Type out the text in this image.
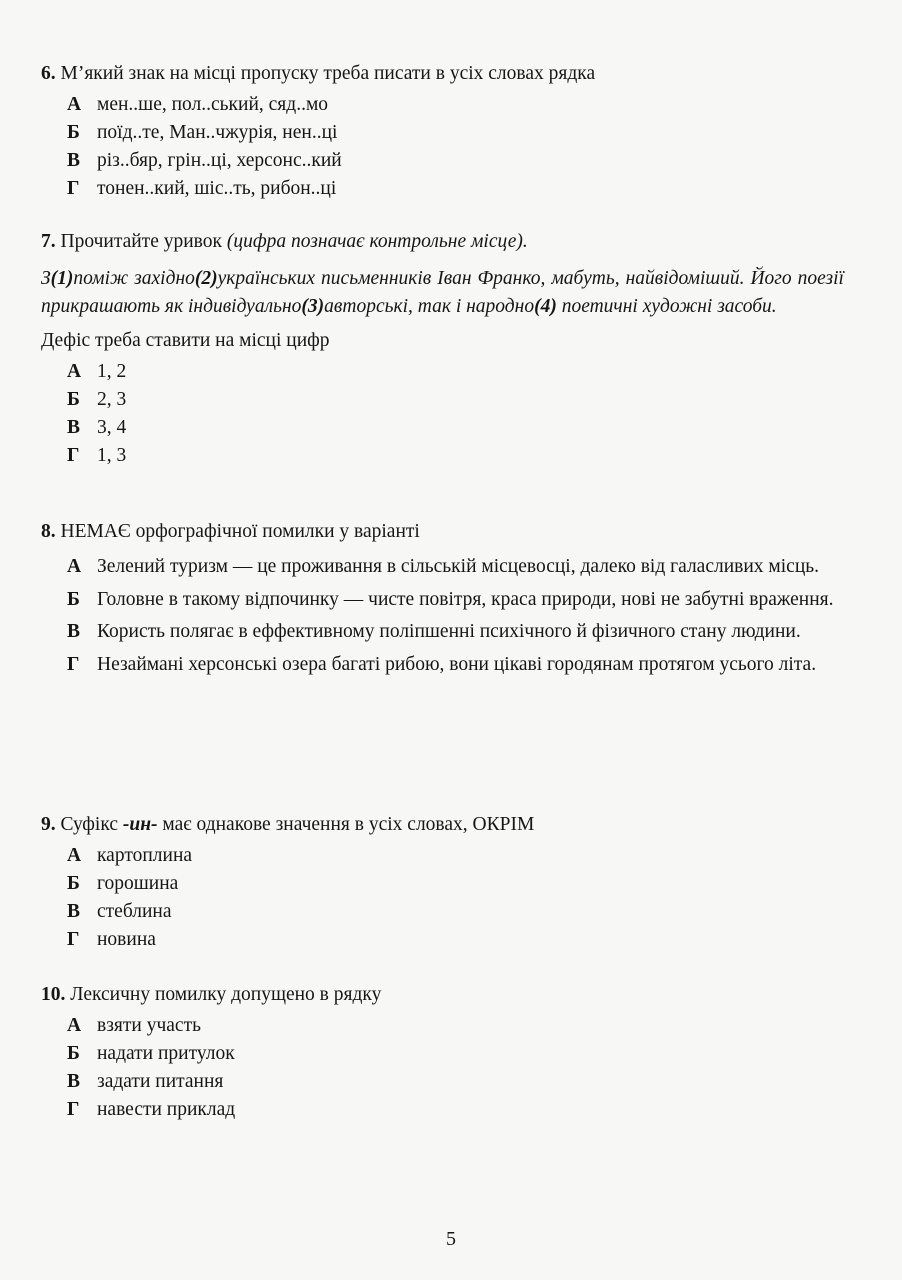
6. М’який знак на місці пропуску треба писати в усіх словах рядка

А мен..ше, пол..ський, сяд..мо

Б поїд..те, Ман..чжурія, нен..ці

В різ..бяр, грін..ці, херсонс..кий

Г тонен..кий, шіс..ть, рибон..ці

7. Прочитайте уривок (цифра позначає контрольне місце).

З(1)поміж західно(2)українських письменників Іван Франко, мабуть, найвідоміший. Його поезії прикрашають як індивідуально(3)авторські, так і народно(4) поетичні художні засоби.

Дефіс треба ставити на місці цифр

А 1, 2

Б 2, 3

В 3, 4

Г 1, 3

8. НЕМАЄ орфографічної помилки у варіанті

А Зелений туризм — це проживання в сільській місцевосці, далеко від галасливих місць.

Б Головне в такому відпочинку — чисте повітря, краса природи, нові не забутні враження.

В Користь полягає в еффективному поліпшенні психічного й фізичного стану людини.

Г Незаймані херсонські озера багаті рибою, вони цікаві городянам протягом усього літа.

9. Суфікс -ин- має однакове значення в усіх словах, ОКРІМ

А картоплина

Б горошина

В стеблина

Г новина

10. Лексичну помилку допущено в рядку

А взяти участь

Б надати притулок

В задати питання

Г навести приклад

5
